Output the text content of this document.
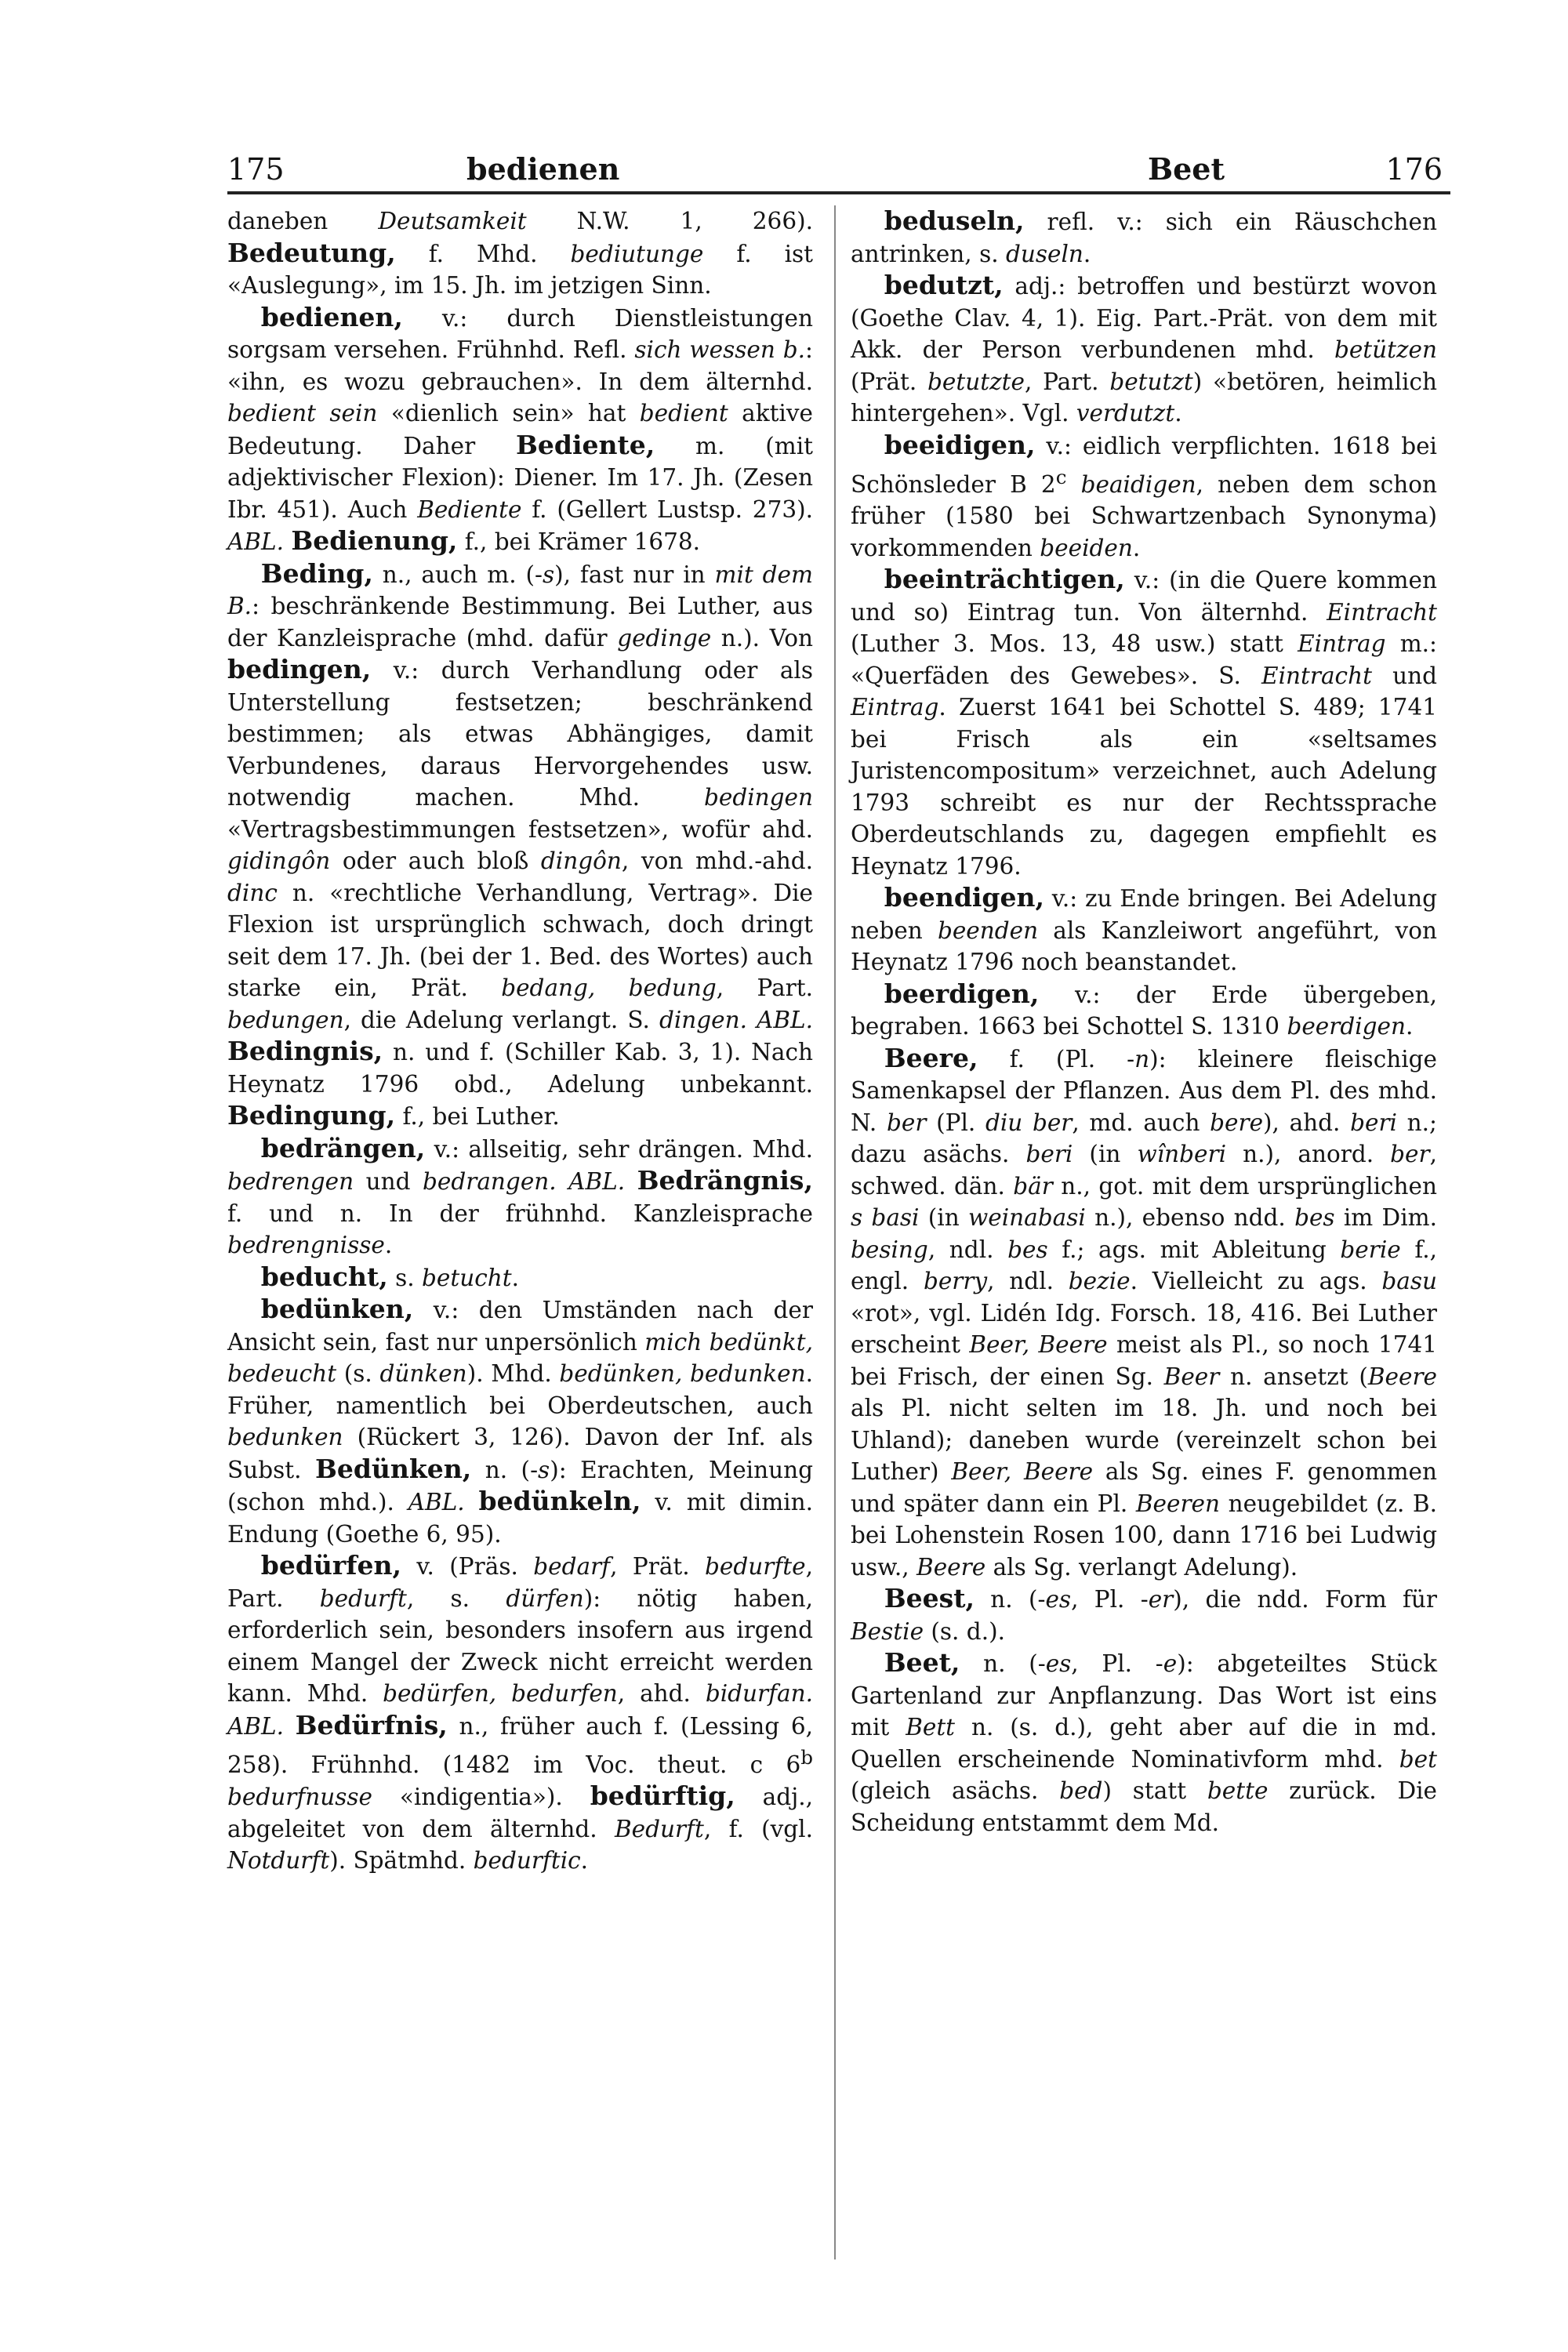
175	bedienen	Beet	176

daneben Deutsamkeit N.W. 1, 266). Bedeutung, f. Mhd. bediutunge f. ist «Auslegung», im 15. Jh. im jetzigen Sinn.

bedienen, v.: durch Dienstleistungen sorgsam versehen. Frühnhd. Refl. sich wessen b.: «ihn, es wozu gebrauchen». In dem älternhd. bedient sein «dienlich sein» hat bedient aktive Bedeutung. Daher Bediente, m. (mit adjektivischer Flexion): Diener. Im 17. Jh. (Zesen Ibr. 451). Auch Bediente f. (Gellert Lustsp. 273). ABL. Bedienung, f., bei Krämer 1678.

Beding, n., auch m. (-s), fast nur in mit dem B.: beschränkende Bestimmung. Bei Luther, aus der Kanzleisprache (mhd. dafür gedinge n.). Von bedingen, v.: durch Verhandlung oder als Unterstellung festsetzen; beschränkend bestimmen; als etwas Abhängiges, damit Verbundenes, daraus Hervorgehendes usw. notwendig machen. Mhd. bedingen «Vertragsbestimmungen festsetzen», wofür ahd. gidingôn oder auch bloß dingôn, von mhd.-ahd. dinc n. «rechtliche Verhandlung, Vertrag». Die Flexion ist ursprünglich schwach, doch dringt seit dem 17. Jh. (bei der 1. Bed. des Wortes) auch starke ein, Prät. bedang, bedung, Part. bedungen, die Adelung verlangt. S. dingen. ABL. Bedingnis, n. und f. (Schiller Kab. 3, 1). Nach Heynatz 1796 obd., Adelung unbekannt. Bedingung, f., bei Luther.

bedrängen, v.: allseitig, sehr drängen. Mhd. bedrengen und bedrangen. ABL. Bedrängnis, f. und n. In der frühnhd. Kanzleisprache bedrengnisse.

beducht, s. betucht.

bedünken, v.: den Umständen nach der Ansicht sein, fast nur unpersönlich mich bedünkt, bedeucht (s. dünken). Mhd. bedünken, bedunken. Früher, namentlich bei Oberdeutschen, auch bedunken (Rückert 3, 126). Davon der Inf. als Subst. Bedünken, n. (-s): Erachten, Meinung (schon mhd.). ABL. bedünkeln, v. mit dimin. Endung (Goethe 6, 95).

bedürfen, v. (Präs. bedarf, Prät. bedurfte, Part. bedurft, s. dürfen): nötig haben, erforderlich sein, besonders insofern aus irgend einem Mangel der Zweck nicht erreicht werden kann. Mhd. bedürfen, bedurfen, ahd. bidurfan. ABL. Bedürfnis, n., früher auch f. (Lessing 6, 258). Frühnhd. (1482 im Voc. theut. c 6$^b$ bedurfnusse «indigentia»). bedürftig, adj., abgeleitet von dem älternhd. Bedurft, f. (vgl. Notdurft). Spätmhd. bedurftic.

beduseln, refl. v.: sich ein Räuschchen antrinken, s. duseln.

bedutzt, adj.: betroffen und bestürzt wovon (Goethe Clav. 4, 1). Eig. Part.-Prät. von dem mit Akk. der Person verbundenen mhd. betützen (Prät. betutzte, Part. betutzt) «betören, heimlich hintergehen». Vgl. verdutzt.

beeidigen, v.: eidlich verpflichten. 1618 bei Schönsleder B 2$^c$ beaidigen, neben dem schon früher (1580 bei Schwartzenbach Synonyma) vorkommenden beeiden.

beeinträchtigen, v.: (in die Quere kommen und so) Eintrag tun. Von älternhd. Eintracht (Luther 3. Mos. 13, 48 usw.) statt Eintrag m.: «Querfäden des Gewebes». S. Eintracht und Eintrag. Zuerst 1641 bei Schottel S. 489; 1741 bei Frisch als ein «seltsames Juristencompositum» verzeichnet, auch Adelung 1793 schreibt es nur der Rechtssprache Oberdeutschlands zu, dagegen empfiehlt es Heynatz 1796.

beendigen, v.: zu Ende bringen. Bei Adelung neben beenden als Kanzleiwort angeführt, von Heynatz 1796 noch beanstandet.

beerdigen, v.: der Erde übergeben, begraben. 1663 bei Schottel S. 1310 beerdigen.

Beere, f. (Pl. -n): kleinere fleischige Samenkapsel der Pflanzen. Aus dem Pl. des mhd. N. ber (Pl. diu ber, md. auch bere), ahd. beri n.; dazu asächs. beri (in wînberi n.), anord. ber, schwed. dän. bär n., got. mit dem ursprünglichen s basi (in weinabasi n.), ebenso ndd. bes im Dim. besing, ndl. bes f.; ags. mit Ableitung berie f., engl. berry, ndl. bezie. Vielleicht zu ags. basu «rot», vgl. Lidén Idg. Forsch. 18, 416. Bei Luther erscheint Beer, Beere meist als Pl., so noch 1741 bei Frisch, der einen Sg. Beer n. ansetzt (Beere als Pl. nicht selten im 18. Jh. und noch bei Uhland); daneben wurde (vereinzelt schon bei Luther) Beer, Beere als Sg. eines F. genommen und später dann ein Pl. Beeren neugebildet (z. B. bei Lohenstein Rosen 100, dann 1716 bei Ludwig usw., Beere als Sg. verlangt Adelung).

Beest, n. (-es, Pl. -er), die ndd. Form für Bestie (s. d.).

Beet, n. (-es, Pl. -e): abgeteiltes Stück Gartenland zur Anpflanzung. Das Wort ist eins mit Bett n. (s. d.), geht aber auf die in md. Quellen erscheinende Nominativform mhd. bet (gleich asächs. bed) statt bette zurück. Die Scheidung entstammt dem Md.
